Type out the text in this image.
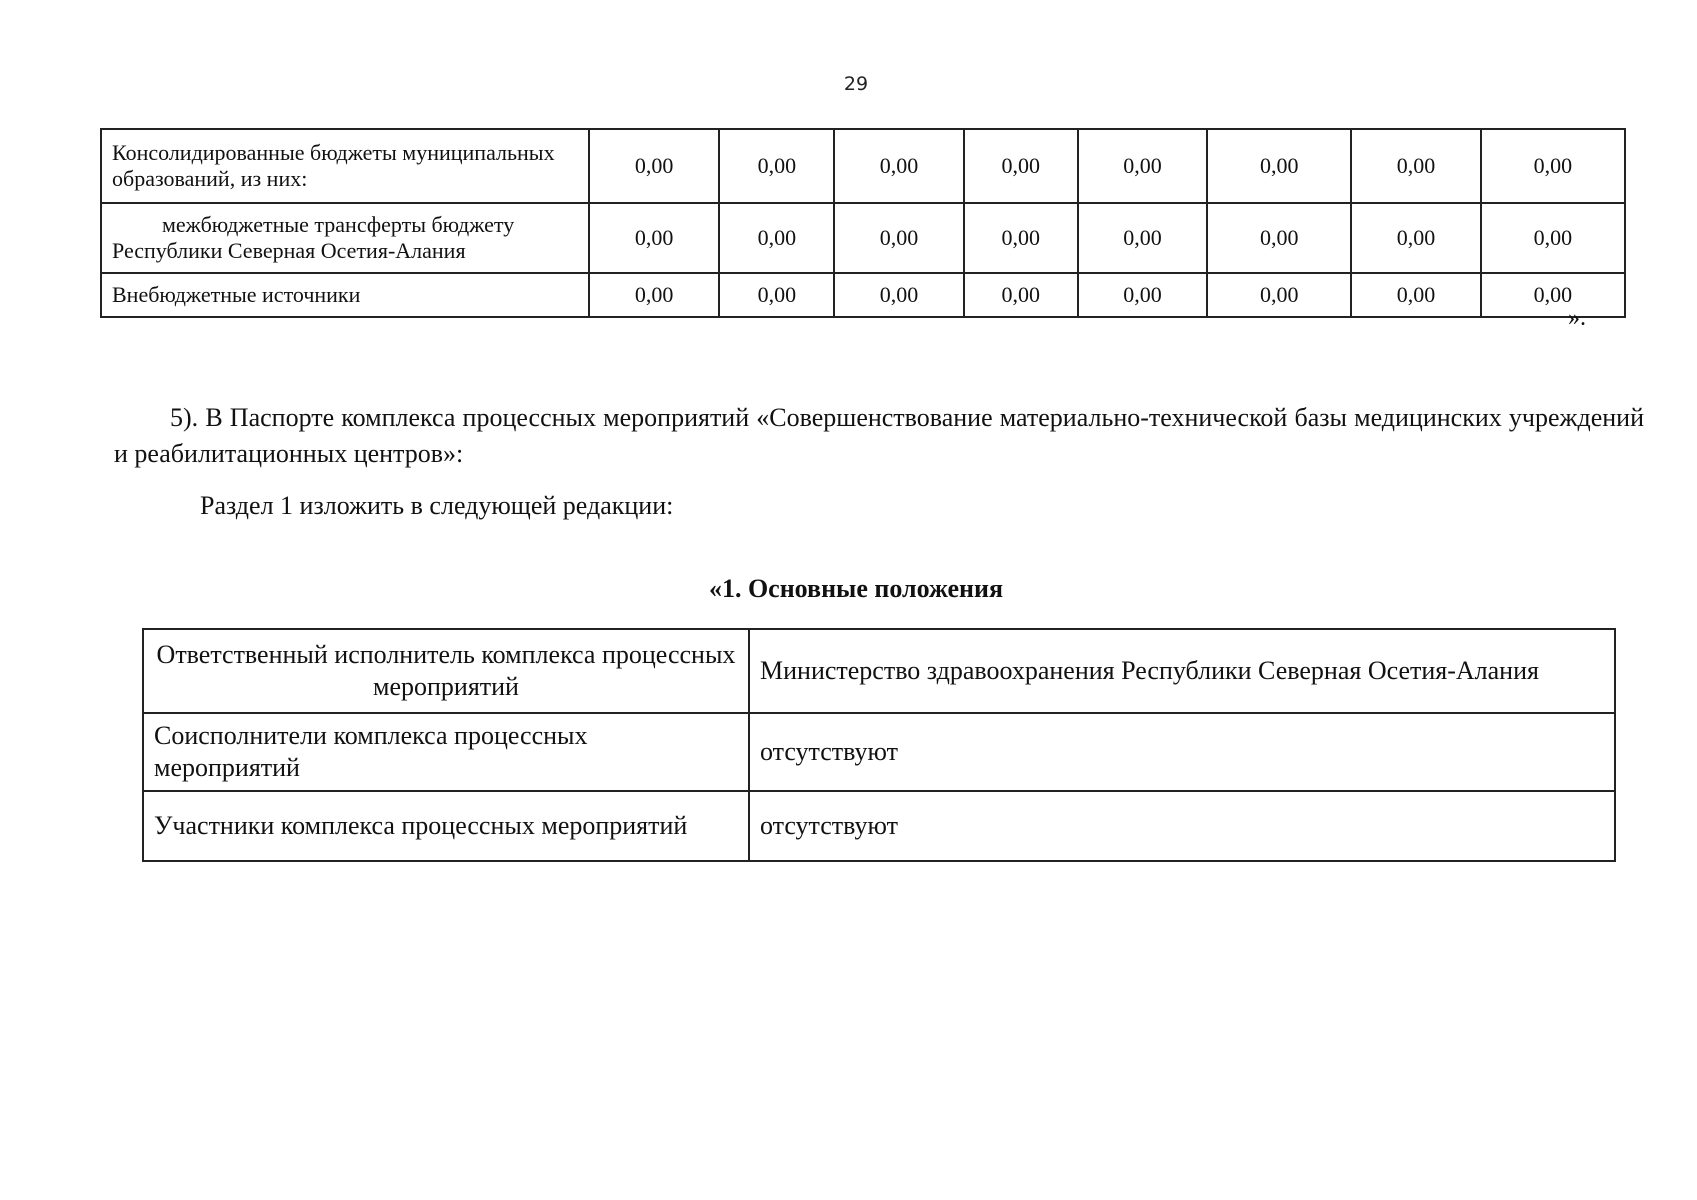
29
Консолидированные бюджеты муниципальных образований, из них:	0,00	0,00	0,00	0,00	0,00	0,00	0,00	0,00
межбюджетные трансферты бюджету Республики Северная Осетия-Алания	0,00	0,00	0,00	0,00	0,00	0,00	0,00	0,00
Внебюджетные источники	0,00	0,00	0,00	0,00	0,00	0,00	0,00	0,00
».
5). В Паспорте комплекса процессных мероприятий «Совершенствование материально-технической базы медицинских учреждений и реабилитационных центров»:
Раздел 1 изложить в следующей редакции:
«1. Основные положения
Ответственный исполнитель комплекса процессных мероприятий	Министерство здравоохранения Республики Северная Осетия-Алания
Соисполнители комплекса процессных мероприятий	отсутствуют
Участники комплекса процессных мероприятий	отсутствуют
